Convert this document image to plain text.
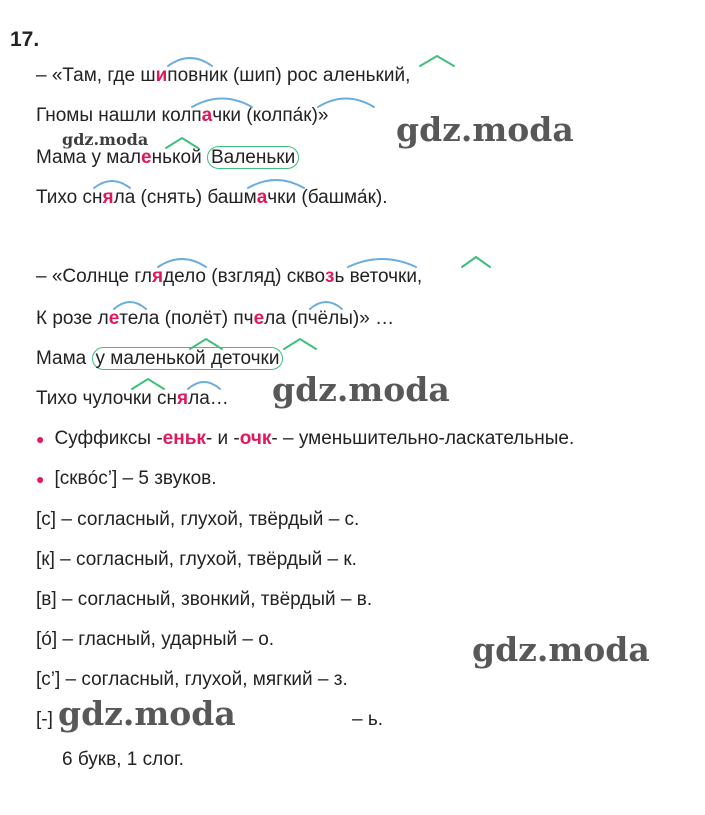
17.
– «Там, где шиповник (шип) рос аленький,
Гномы нашли колпачки (колпа́к)»
Мама у маленькой Валеньки
Тихо сняла (снять) башмачки (башма́к).
– «Солнце глядело (взгляд) сквозь веточки,
К розе летела (полёт) пчела (пчёлы)» …
Мама у маленькой деточки
Тихо чулочки сняла…
● Суффиксы -еньк- и -очк- – уменьшительно-ласкательные.
● [сквóс’] – 5 звуков.
[с] – согласный, глухой, твёрдый – с.
[к] – согласный, глухой, твёрдый – к.
[в] – согласный, звонкий, твёрдый – в.
[ó] – гласный, ударный – о.
[с’] – согласный, глухой, мягкий – з.
[-]	– ь.
6 букв, 1 слог.
gdz.moda	gdz.moda
gdz.moda
gdz.moda
gdz.moda
